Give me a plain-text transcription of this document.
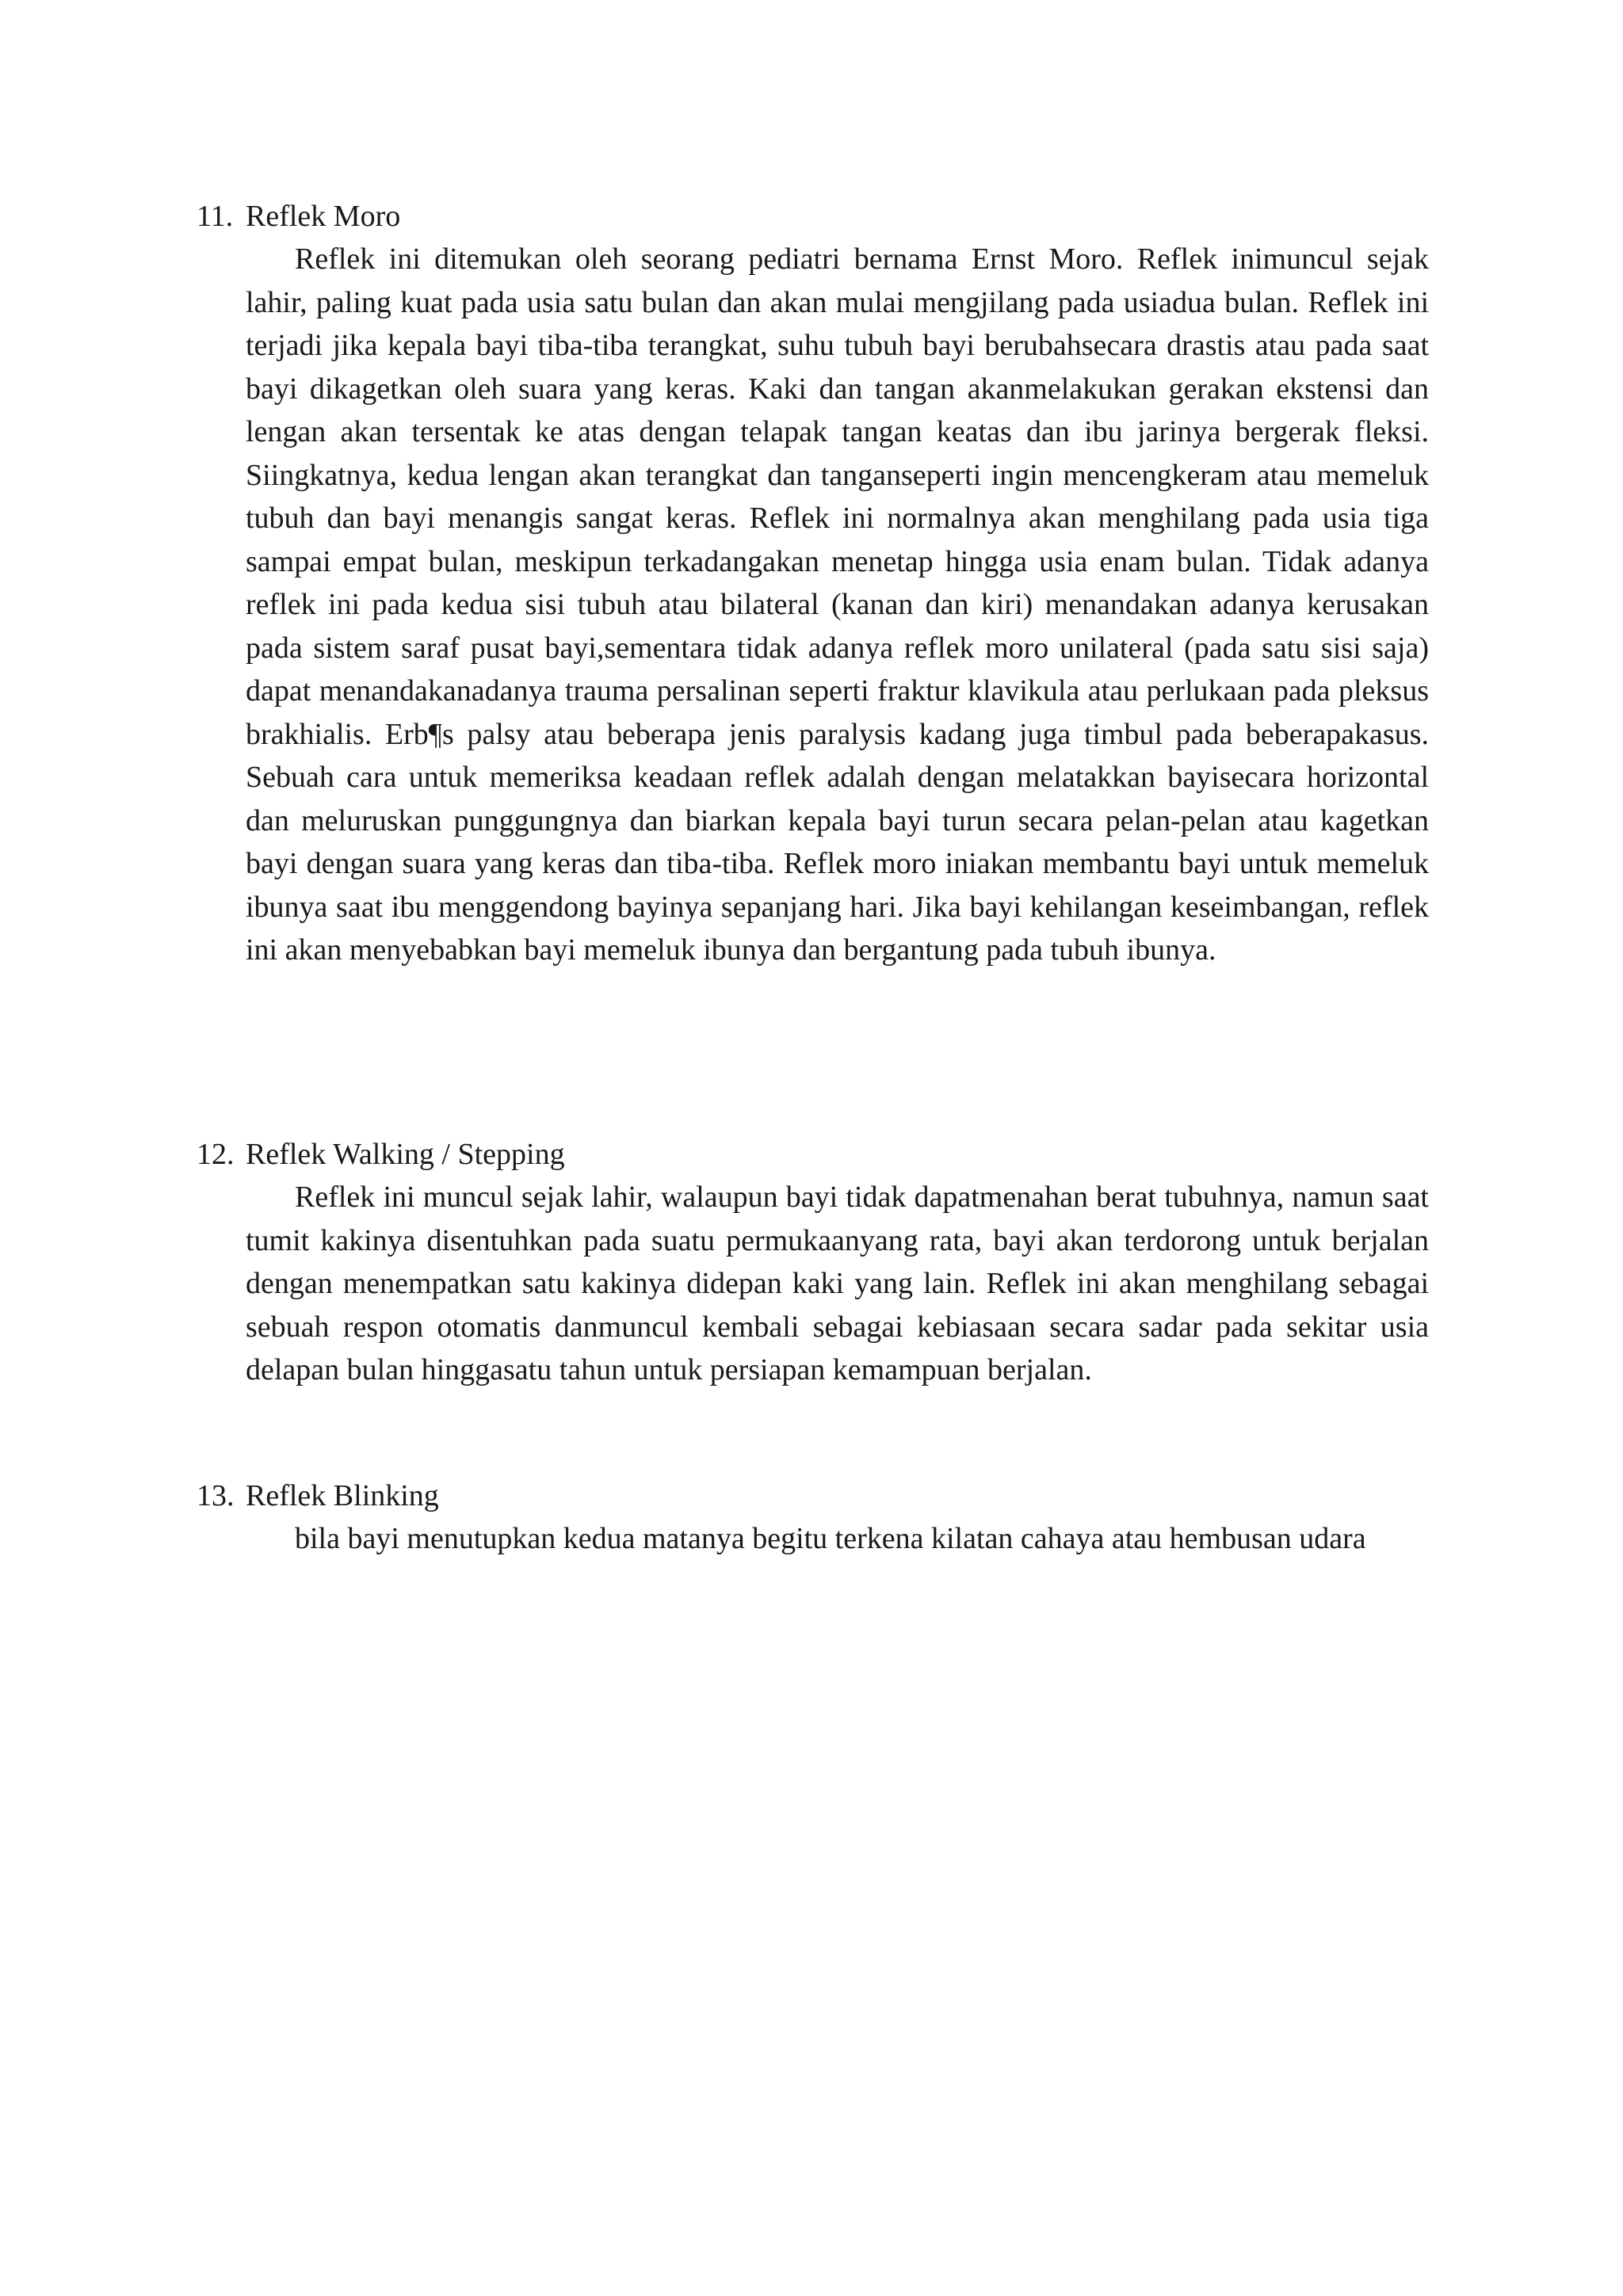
11. Reflek Moro

Reflek ini ditemukan oleh seorang pediatri bernama Ernst Moro. Reflek inimuncul sejak lahir, paling kuat pada usia satu bulan dan akan mulai mengjilang pada usiadua bulan. Reflek ini terjadi jika kepala bayi tiba-tiba terangkat, suhu tubuh bayi berubahsecara drastis atau pada saat bayi dikagetkan oleh suara yang keras. Kaki dan tangan akanmelakukan gerakan ekstensi dan lengan akan tersentak ke atas dengan telapak tangan keatas dan ibu jarinya bergerak fleksi. Siingkatnya, kedua lengan akan terangkat dan tanganseperti ingin mencengkeram atau memeluk tubuh dan bayi menangis sangat keras. Reflek ini normalnya akan menghilang pada usia tiga sampai empat bulan, meskipun terkadangakan menetap hingga usia enam bulan. Tidak adanya reflek ini pada kedua sisi tubuh atau bilateral (kanan dan kiri) menandakan adanya kerusakan pada sistem saraf pusat bayi,sementara tidak adanya reflek moro unilateral (pada satu sisi saja) dapat menandakanadanya trauma persalinan seperti fraktur klavikula atau perlukaan pada pleksus brakhialis. Erb¶s palsy atau beberapa jenis paralysis kadang juga timbul pada beberapakasus. Sebuah cara untuk memeriksa keadaan reflek adalah dengan melatakkan bayisecara horizontal dan meluruskan punggungnya dan biarkan kepala bayi turun secara pelan-pelan atau kagetkan bayi dengan suara yang keras dan tiba-tiba. Reflek moro iniakan membantu bayi untuk memeluk ibunya saat ibu menggendong bayinya sepanjang hari. Jika bayi kehilangan keseimbangan, reflek ini akan menyebabkan bayi memeluk ibunya dan bergantung pada tubuh ibunya.

12. Reflek Walking / Stepping

Reflek ini muncul sejak lahir, walaupun bayi tidak dapatmenahan berat tubuhnya, namun saat tumit kakinya disentuhkan pada suatu permukaanyang rata, bayi akan terdorong untuk berjalan dengan menempatkan satu kakinya didepan kaki yang lain. Reflek ini akan menghilang sebagai sebuah respon otomatis danmuncul kembali sebagai kebiasaan secara sadar pada sekitar usia delapan bulan hinggasatu tahun untuk persiapan kemampuan berjalan.

13. Reflek Blinking

bila bayi menutupkan kedua matanya begitu terkena kilatan cahaya atau hembusan udara
